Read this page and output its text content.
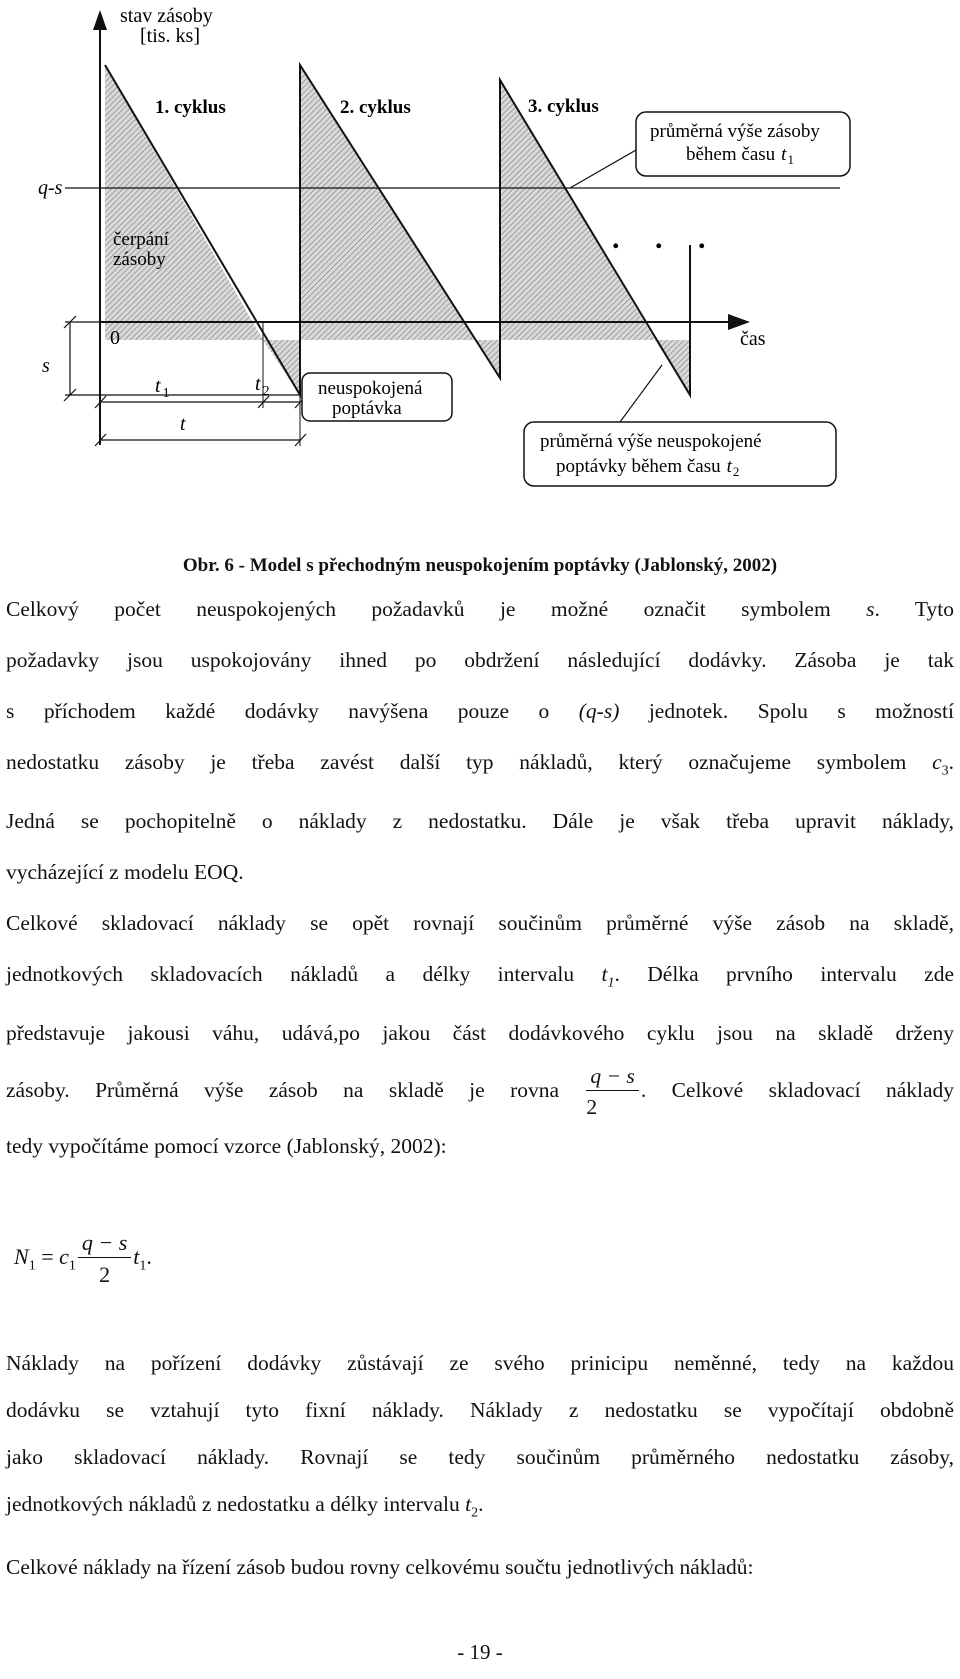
stav zásoby
[tis. ks]
čas
q-s
s
0
t $_1$	t $_2$
t
1. cyklus	2. cyklus	3. cyklus
čerpání
zásoby
. . .
průměrná výše zásoby
během času $t_1$
neuspokojená
poptávka
průměrná výše neuspokojené
poptávky během času $t_2$
Obr. 6 - Model s přechodným neuspokojením poptávky (Jablonský, 2002)
Celkový počet neuspokojených požadavků je možné označit symbolem s. Tyto
požadavky jsou uspokojovány ihned po obdržení následující dodávky. Zásoba je tak
s příchodem každé dodávky navýšena pouze o (q-s) jednotek. Spolu s možností
nedostatku zásoby je třeba zavést další typ nákladů, který označujeme symbolem $c_3$.
Jedná se pochopitelně o náklady z nedostatku. Dále je však třeba upravit náklady,
vycházející z modelu EOQ.
Celkové skladovací náklady se opět rovnají součinům průměrné výše zásob na skladě,
jednotkových skladovacích nákladů a délky intervalu $t_1$. Délka prvního intervalu zde
představuje jakousi váhu, udává,po jakou část dodávkového cyklu jsou na skladě drženy
zásoby. Průměrná výše zásob na skladě je rovna $\frac{q - s}{2}$ . Celkové skladovací náklady
tedy vypočítáme pomocí vzorce (Jablonský, 2002):
$N_1 = c_1 \frac{q - s}{2} t_1$.
Náklady na pořízení dodávky zůstávají ze svého prinicipu neměnné, tedy na každou
dodávku se vztahují tyto fixní náklady. Náklady z nedostatku se vypočítají obdobně
jako skladovací náklady. Rovnají se tedy součinům průměrného nedostatku zásoby,
jednotkových nákladů z nedostatku a délky intervalu $t_2$.
Celkové náklady na řízení zásob budou rovny celkovému součtu jednotlivých nákladů:
- 19 -
